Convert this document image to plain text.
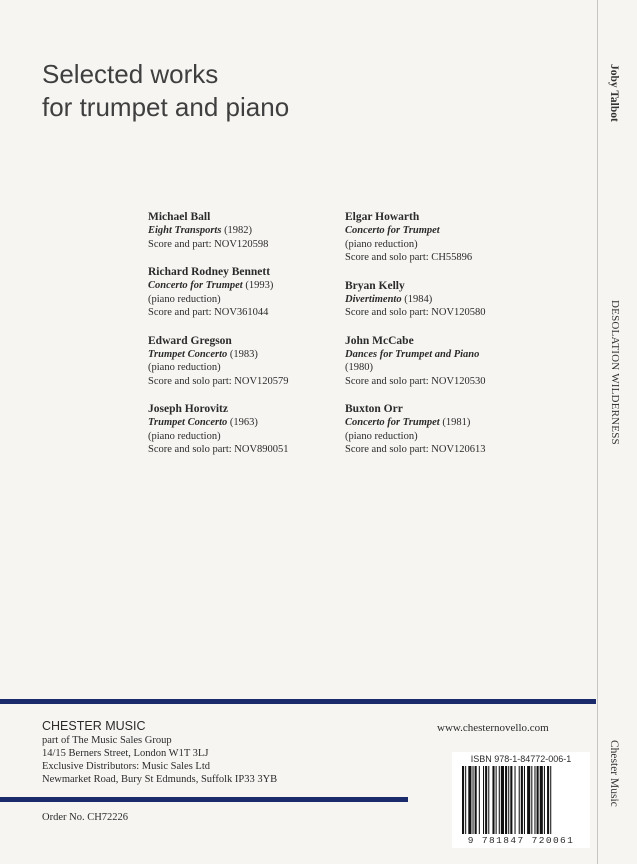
Selected works
for trumpet and piano	Joby Talbot
DESOLATION WILDERNESS
Chester Music
Michael Ball
Eight Transports (1982)
Score and part: NOV120598
Richard Rodney Bennett
Concerto for Trumpet (1993)
(piano reduction)
Score and part: NOV361044
Edward Gregson
Trumpet Concerto (1983)
(piano reduction)
Score and solo part: NOV120579
Joseph Horovitz
Trumpet Concerto (1963)
(piano reduction)
Score and solo part: NOV890051
Elgar Howarth
Concerto for Trumpet
(piano reduction)
Score and solo part: CH55896
Bryan Kelly
Divertimento (1984)
Score and solo part: NOV120580
John McCabe
Dances for Trumpet and Piano
(1980)
Score and solo part: NOV120530
Buxton Orr
Concerto for Trumpet (1981)
(piano reduction)
Score and solo part: NOV120613
CHESTER MUSIC
part of The Music Sales Group
14/15 Berners Street, London W1T 3LJ
Exclusive Distributors: Music Sales Ltd
Newmarket Road, Bury St Edmunds, Suffolk IP33 3YB
www.chesternovello.com
ISBN 978-1-84772-006-1
9 781847 720061
Order No. CH72226
